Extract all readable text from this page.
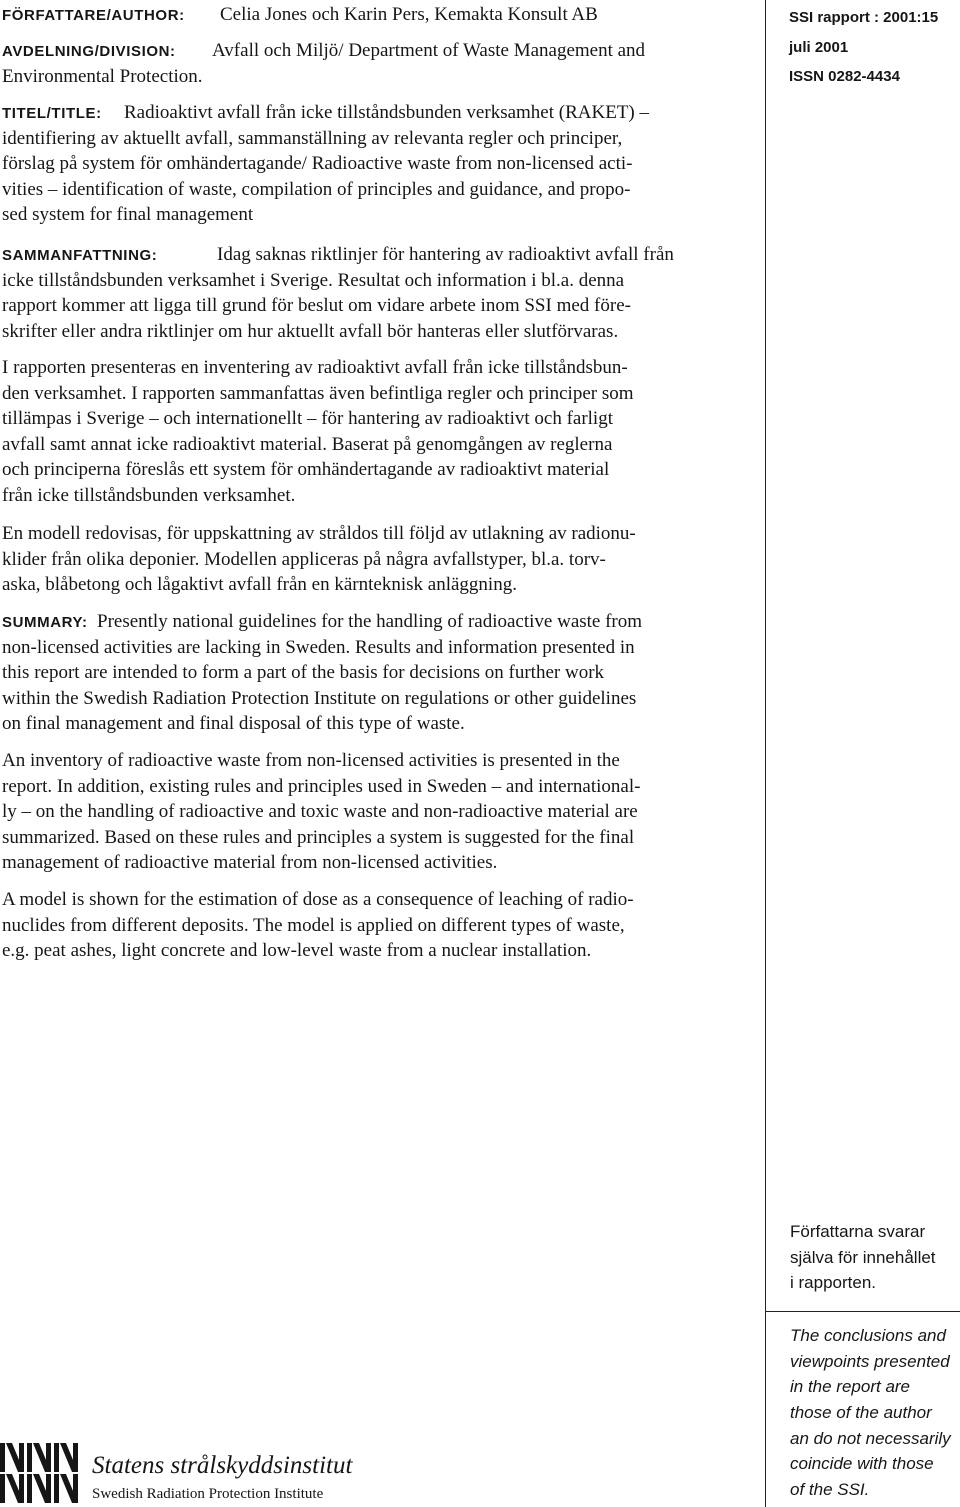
FÖRFATTARE/AUTHOR: Celia Jones och Karin Pers, Kemakta Konsult AB
AVDELNING/DIVISION: Avfall och Miljö/ Department of Waste Management and
Environmental Protection.
SSI rapport : 2001:15
juli 2001
ISSN 0282-4434
TITEL/TITLE: Radioaktivt avfall från icke tillståndsbunden verksamhet (RAKET) –
identifiering av aktuellt avfall, sammanställning av relevanta regler och principer,
förslag på system för omhändertagande/ Radioactive waste from non-licensed acti-
vities – identification of waste, compilation of principles and guidance, and propo-
sed system for final management
SAMMANFATTNING:	Idag saknas riktlinjer för hantering av radioaktivt avfall från
icke tillståndsbunden verksamhet i Sverige. Resultat och information i bl.a. denna
rapport kommer att ligga till grund för beslut om vidare arbete inom SSI med före-
skrifter eller andra riktlinjer om hur aktuellt avfall bör hanteras eller slutförvaras.
I rapporten presenteras en inventering av radioaktivt avfall från icke tillståndsbun-
den verksamhet. I rapporten sammanfattas även befintliga regler och principer som
tillämpas i Sverige – och internationellt – för hantering av radioaktivt och farligt
avfall samt annat icke radioaktivt material. Baserat på genomgången av reglerna
och principerna föreslås ett system för omhändertagande av radioaktivt material
från icke tillståndsbunden verksamhet.
En modell redovisas, för uppskattning av stråldos till följd av utlakning av radionu-
klider från olika deponier. Modellen appliceras på några avfallstyper, bl.a. torv-
aska, blåbetong och lågaktivt avfall från en kärnteknisk anläggning.
SUMMARY: Presently national guidelines for the handling of radioactive waste from
non-licensed activities are lacking in Sweden. Results and information presented in
this report are intended to form a part of the basis for decisions on further work
within the Swedish Radiation Protection Institute on regulations or other guidelines
on final management and final disposal of this type of waste.
An inventory of radioactive waste from non-licensed activities is presented in the
report. In addition, existing rules and principles used in Sweden – and international-
ly – on the handling of radioactive and toxic waste and non-radioactive material are
summarized. Based on these rules and principles a system is suggested for the final
management of radioactive material from non-licensed activities.
A model is shown for the estimation of dose as a consequence of leaching of radio-
nuclides from different deposits. The model is applied on different types of waste,
e.g. peat ashes, light concrete and low-level waste from a nuclear installation.
Författarna svarar
själva för innehållet
i rapporten.
The conclusions and
viewpoints presented
in the report are
those of the author
an do not necessarily
coincide with those
of the SSI.
Statens strålskyddsinstitut
Swedish Radiation Protection Institute
